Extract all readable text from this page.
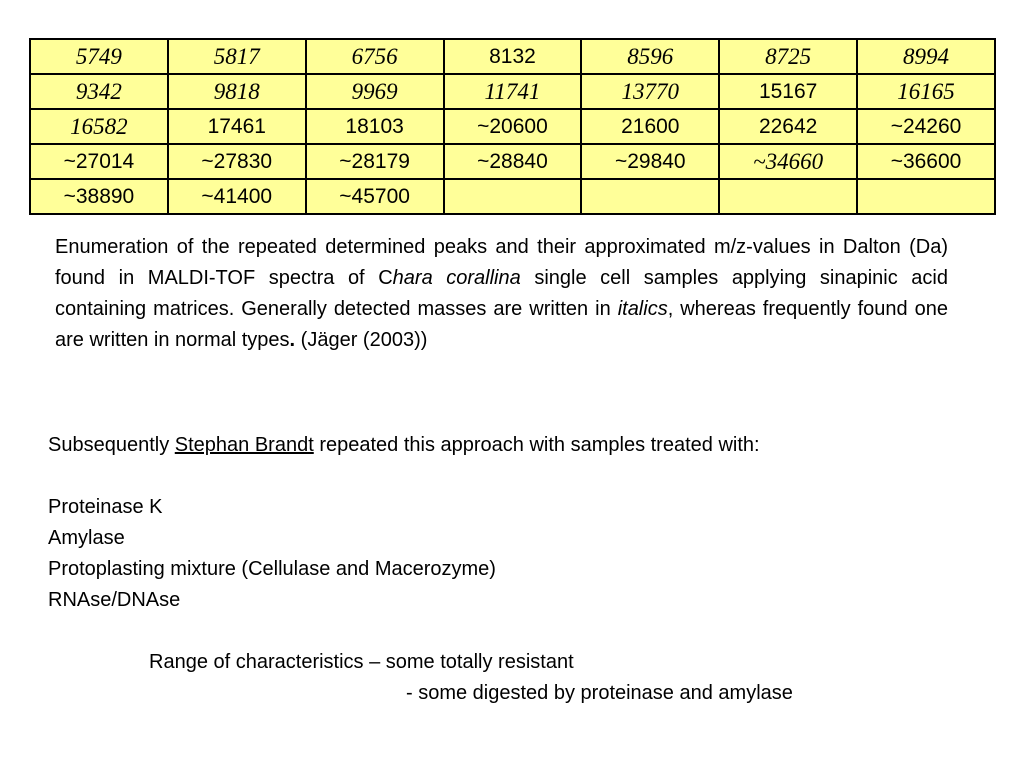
5749	5817	6756	8132	8596	8725	8994
9342	9818	9969	11741	13770	15167	16165
16582	17461	18103	~20600	21600	22642	~24260
~27014	~27830	~28179	~28840	~29840	~34660	~36600
~38890	~41400	~45700				

Enumeration of the repeated determined peaks and their approximated m/z-values in Dalton (Da) found in MALDI-TOF spectra of Chara corallina single cell samples applying sinapinic acid containing matrices. Generally detected masses are written in italics, whereas frequently found one are written in normal types. (Jäger (2003))

Subsequently Stephan Brandt repeated this approach with samples treated with:
Proteinase K
Amylase
Protoplasting mixture (Cellulase and Macerozyme)
RNAse/DNAse
Range of characteristics – some totally resistant
- some digested by proteinase and amylase
